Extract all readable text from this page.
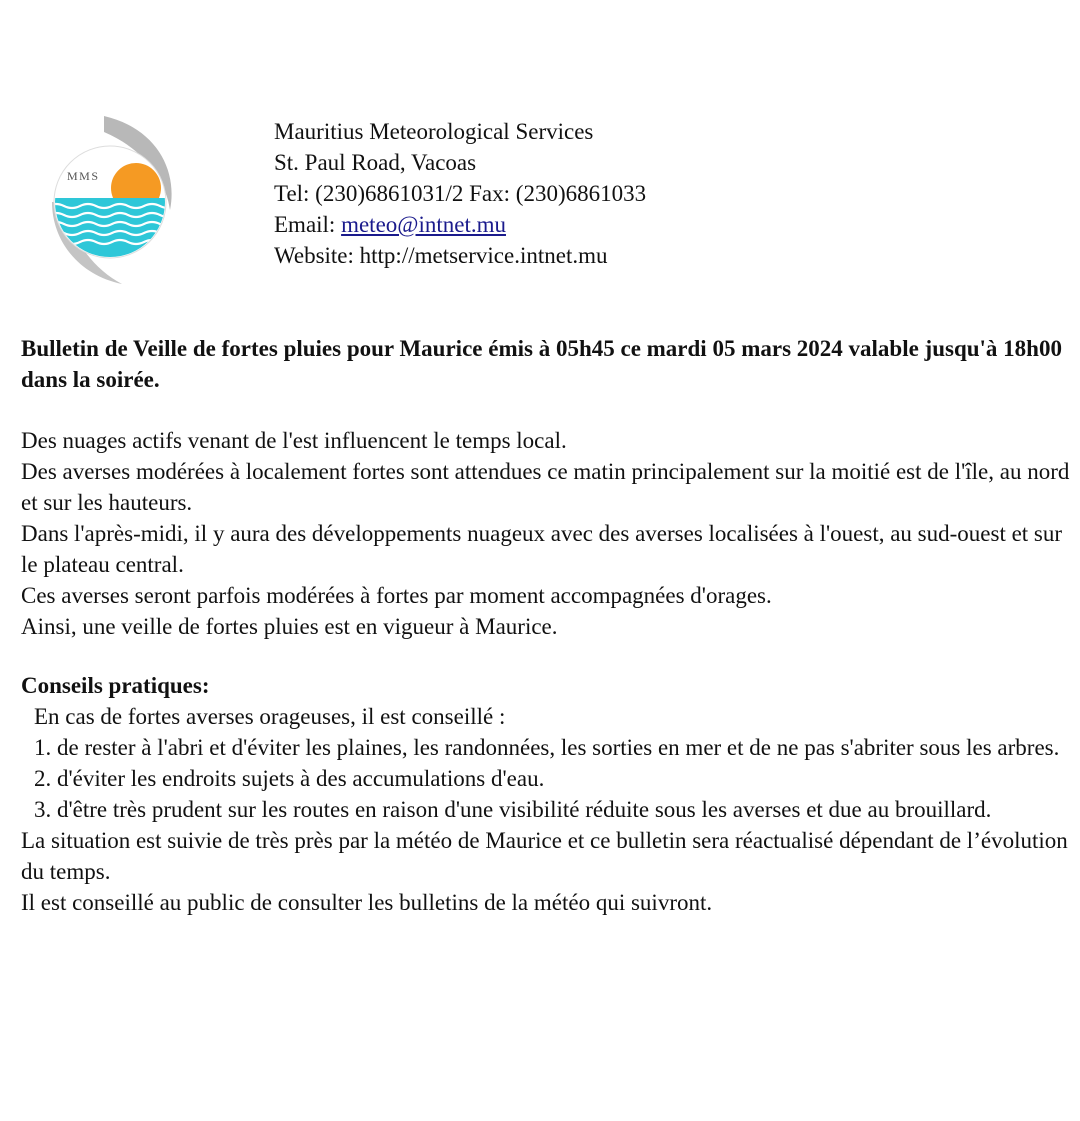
MMS
Mauritius Meteorological Services
St. Paul Road, Vacoas
Tel: (230)6861031/2 Fax: (230)6861033
Email: meteo@intnet.mu
Website: http://metservice.intnet.mu

Bulletin de Veille de fortes pluies pour Maurice émis à 05h45 ce mardi 05 mars 2024 valable jusqu'à 18h00 dans la soirée.

Des nuages actifs venant de l'est influencent le temps local.
Des averses modérées à localement fortes sont attendues ce matin principalement sur la moitié est de l'île, au nord et sur les hauteurs.
Dans l'après-midi, il y aura des développements nuageux avec des averses localisées à l'ouest, au sud-ouest et sur le plateau central.
Ces averses seront parfois modérées à fortes par moment accompagnées d'orages.
Ainsi, une veille de fortes pluies est en vigueur à Maurice.
Conseils pratiques:
En cas de fortes averses orageuses, il est conseillé :
1. de rester à l'abri et d'éviter les plaines, les randonnées, les sorties en mer et de ne pas s'abriter sous les arbres.
2. d'éviter les endroits sujets à des accumulations d'eau.
3. d'être très prudent sur les routes en raison d'une visibilité réduite sous les averses et due au brouillard.
La situation est suivie de très près par la météo de Maurice et ce bulletin sera réactualisé dépendant de l’évolution du temps.
Il est conseillé au public de consulter les bulletins de la météo qui suivront.
